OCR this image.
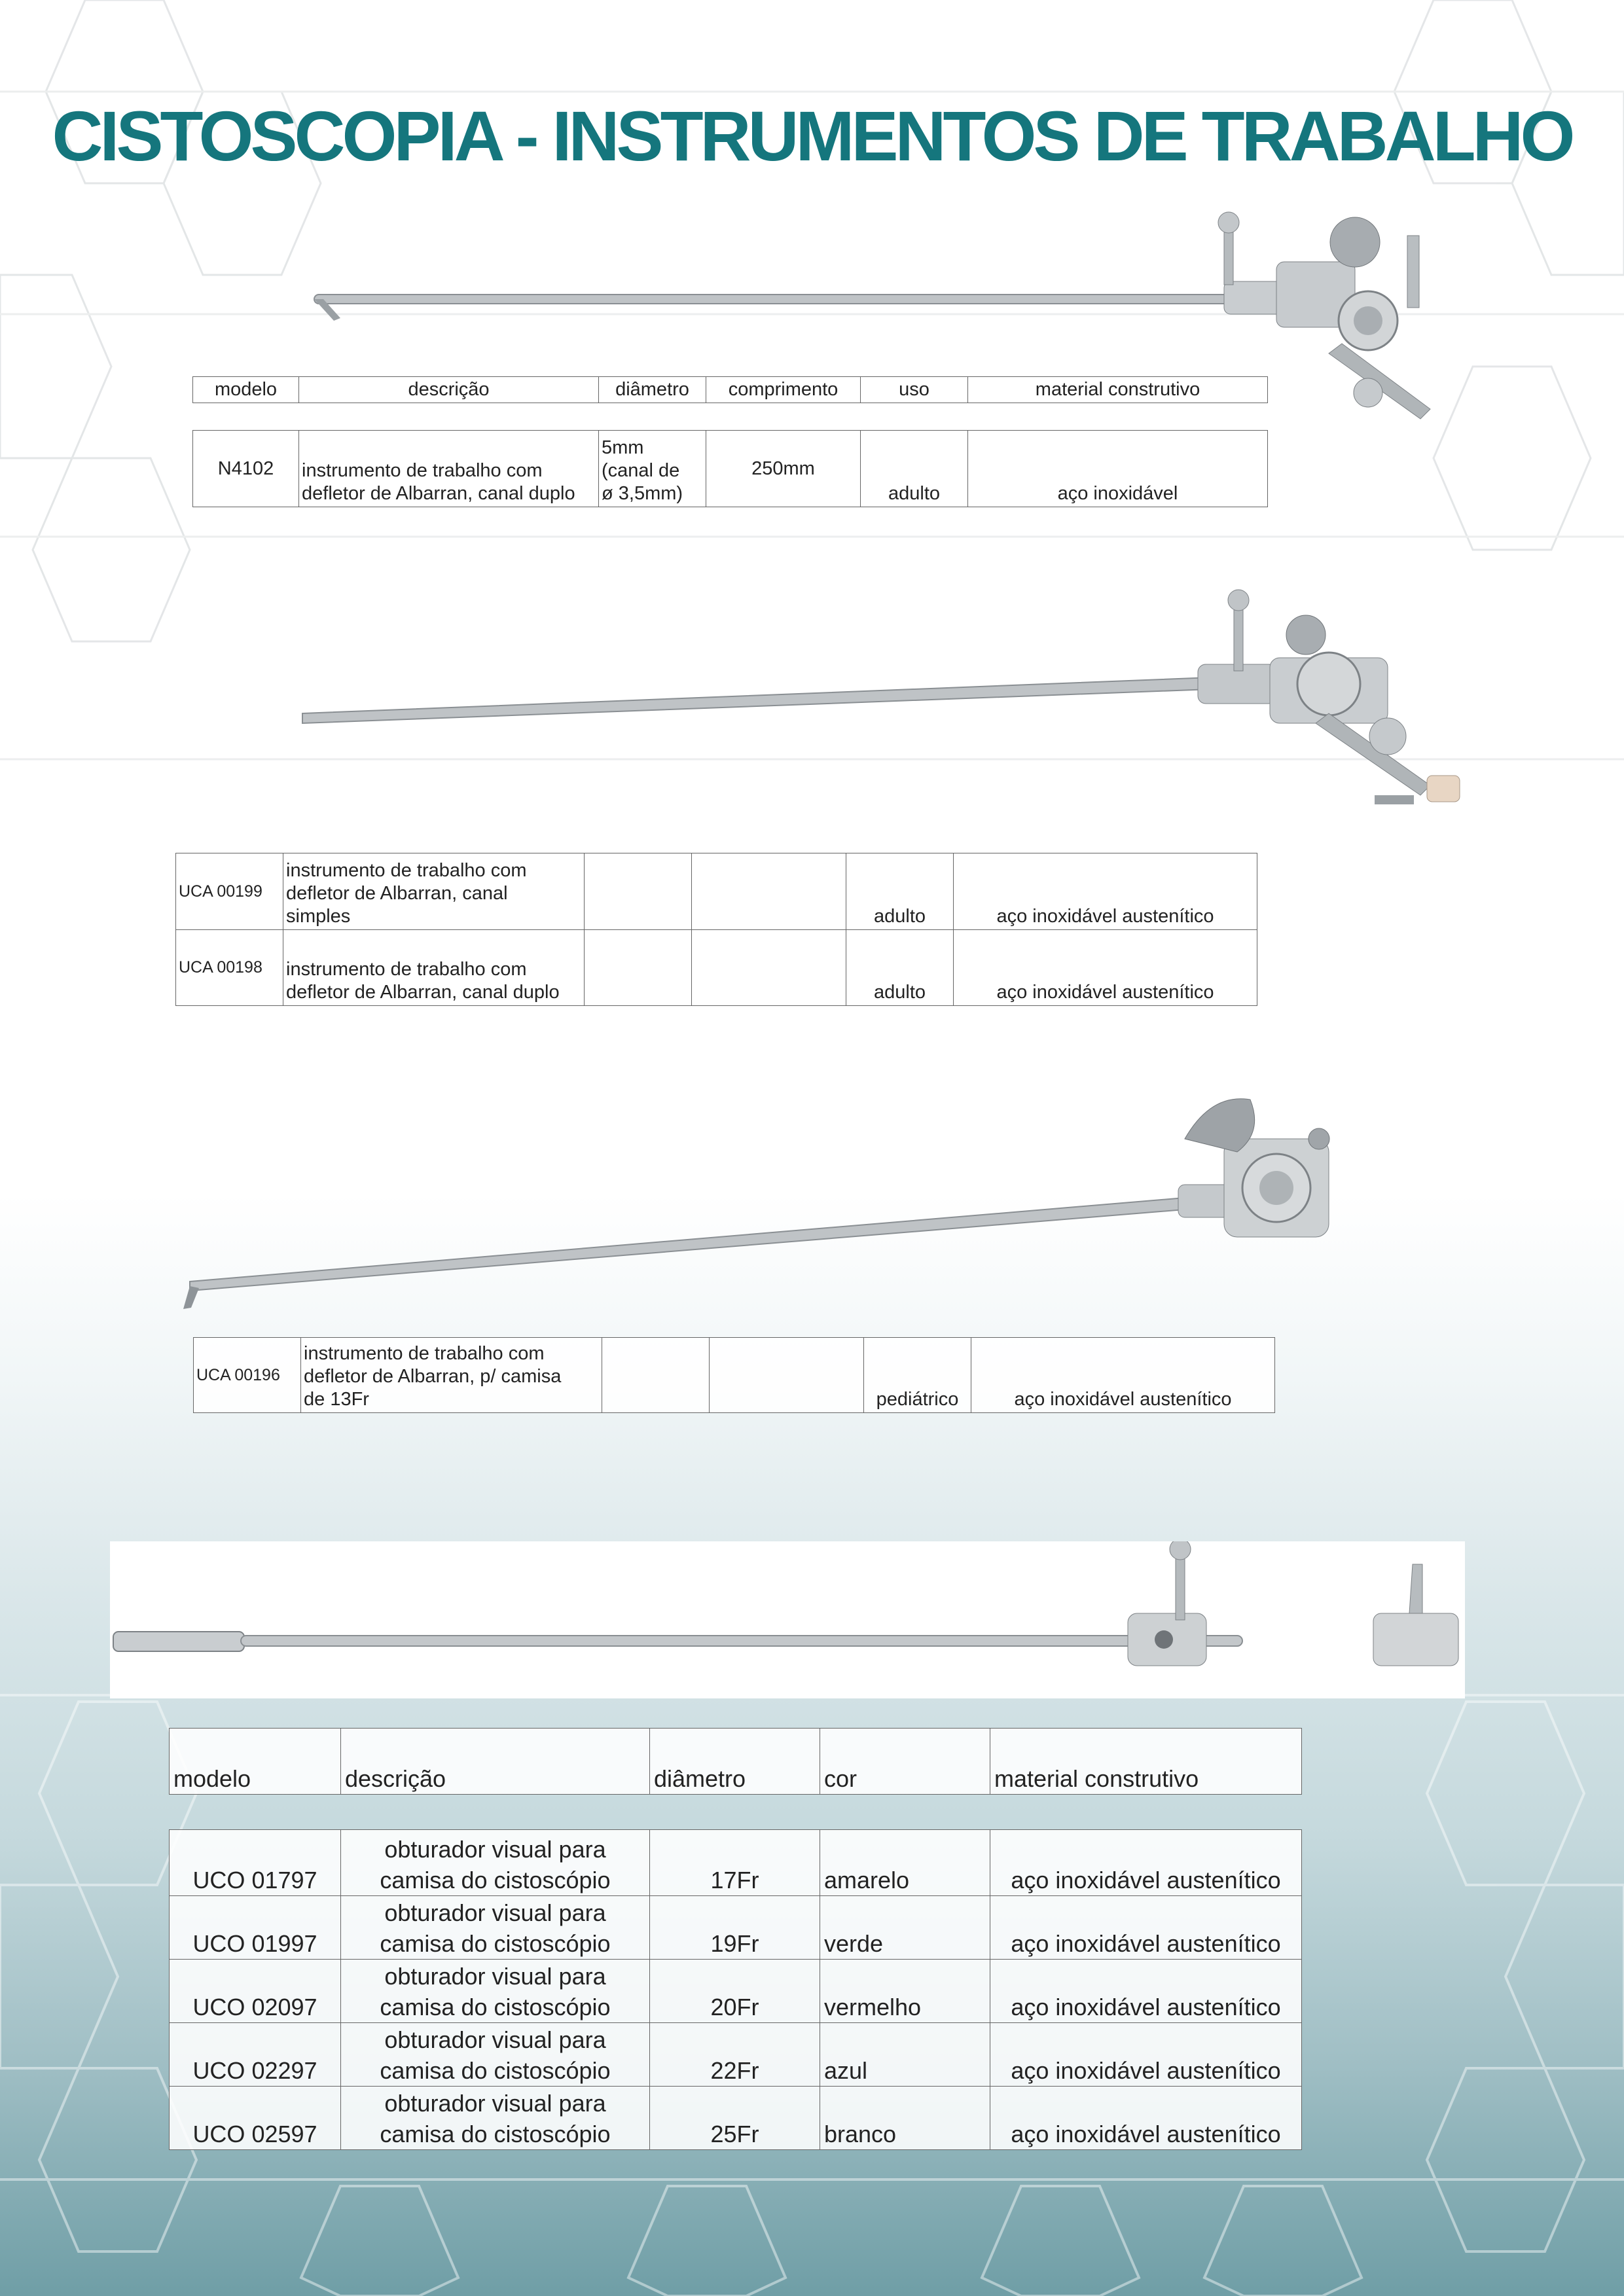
CISTOSCOPIA - INSTRUMENTOS DE TRABALHO
modelo	descrição	diâmetro	comprimento	uso	material construtivo
N4102	instrumento de trabalho com
defletor de Albarran, canal duplo	5mm
(canal de
ø 3,5mm)	250mm	adulto	aço inoxidável
UCA 00199	instrumento de trabalho com
defletor de Albarran, canal
simples			adulto	aço inoxidável austenítico
UCA 00198	instrumento de trabalho com
defletor de Albarran, canal duplo			adulto	aço inoxidável austenítico
UCA 00196	instrumento de trabalho com
defletor de Albarran, p/ camisa
de 13Fr			pediátrico	aço inoxidável austenítico
modelo	descrição	diâmetro	cor	material construtivo
UCO 01797	obturador visual para
camisa do cistoscópio	17Fr	amarelo	aço inoxidável austenítico
UCO 01997	obturador visual para
camisa do cistoscópio	19Fr	verde	aço inoxidável austenítico
UCO 02097	obturador visual para
camisa do cistoscópio	20Fr	vermelho	aço inoxidável austenítico
UCO 02297	obturador visual para
camisa do cistoscópio	22Fr	azul	aço inoxidável austenítico
UCO 02597	obturador visual para
camisa do cistoscópio	25Fr	branco	aço inoxidável austenítico
